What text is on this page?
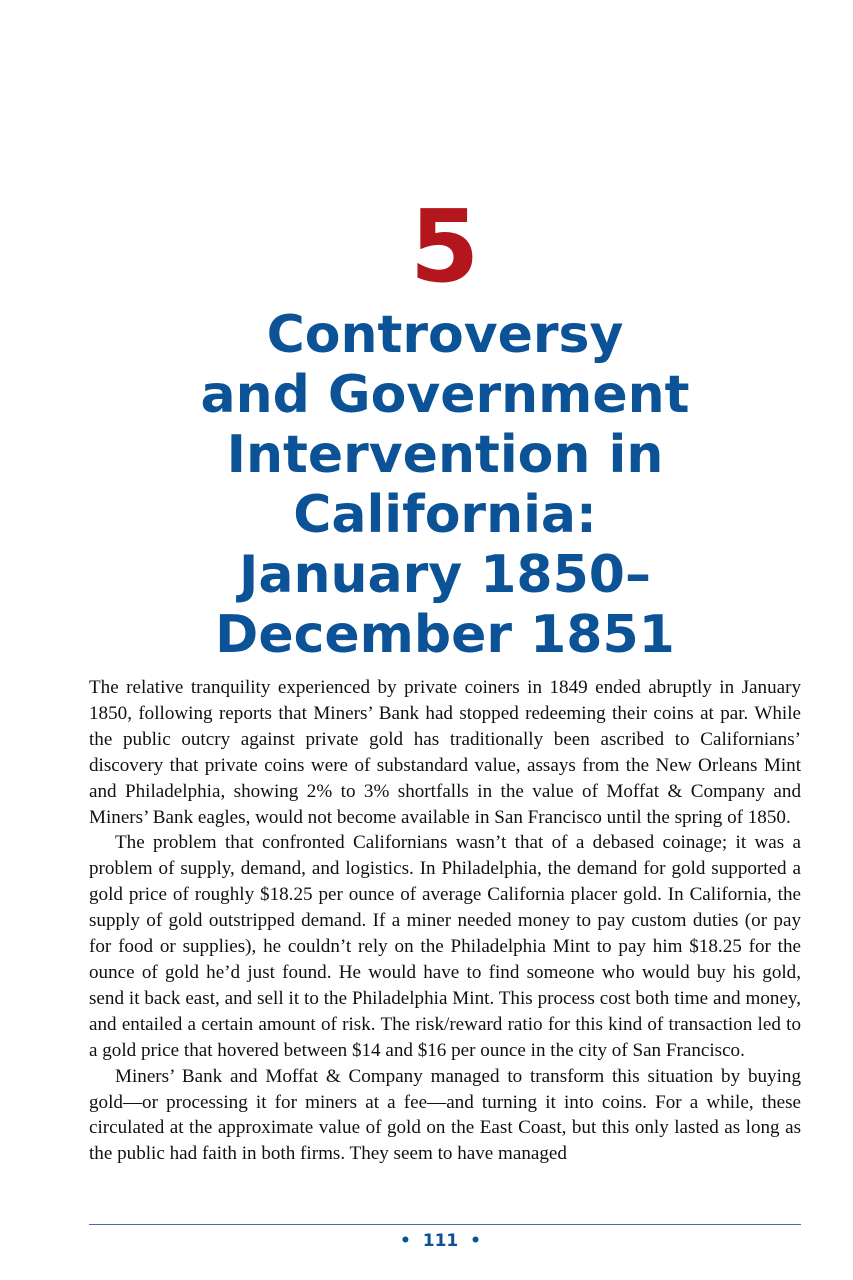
5
Controversy
and Government
Intervention in
California:
January 1850–
December 1851

The relative tranquility experienced by private coiners in 1849 ended abruptly in January 1850, following reports that Miners’ Bank had stopped redeeming their coins at par. While the public outcry against private gold has traditionally been ascribed to Californians’ discovery that private coins were of substandard value, assays from the New Orleans Mint and Philadelphia, showing 2% to 3% shortfalls in the value of Moffat & Company and Miners’ Bank eagles, would not become available in San Francisco until the spring of 1850.

The problem that confronted Californians wasn’t that of a debased coinage; it was a problem of supply, demand, and logistics. In Philadelphia, the demand for gold supported a gold price of roughly $18.25 per ounce of average California placer gold. In California, the supply of gold outstripped demand. If a miner needed money to pay custom duties (or pay for food or supplies), he couldn’t rely on the Philadelphia Mint to pay him $18.25 for the ounce of gold he’d just found. He would have to find someone who would buy his gold, send it back east, and sell it to the Philadelphia Mint. This process cost both time and money, and entailed a certain amount of risk. The risk/reward ratio for this kind of transaction led to a gold price that hovered between $14 and $16 per ounce in the city of San Francisco.

Miners’ Bank and Moffat & Company managed to transform this situation by buying gold—or processing it for miners at a fee—and turning it into coins. For a while, these circulated at the approximate value of gold on the East Coast, but this only lasted as long as the public had faith in both firms. They seem to have managed

• 111 •
